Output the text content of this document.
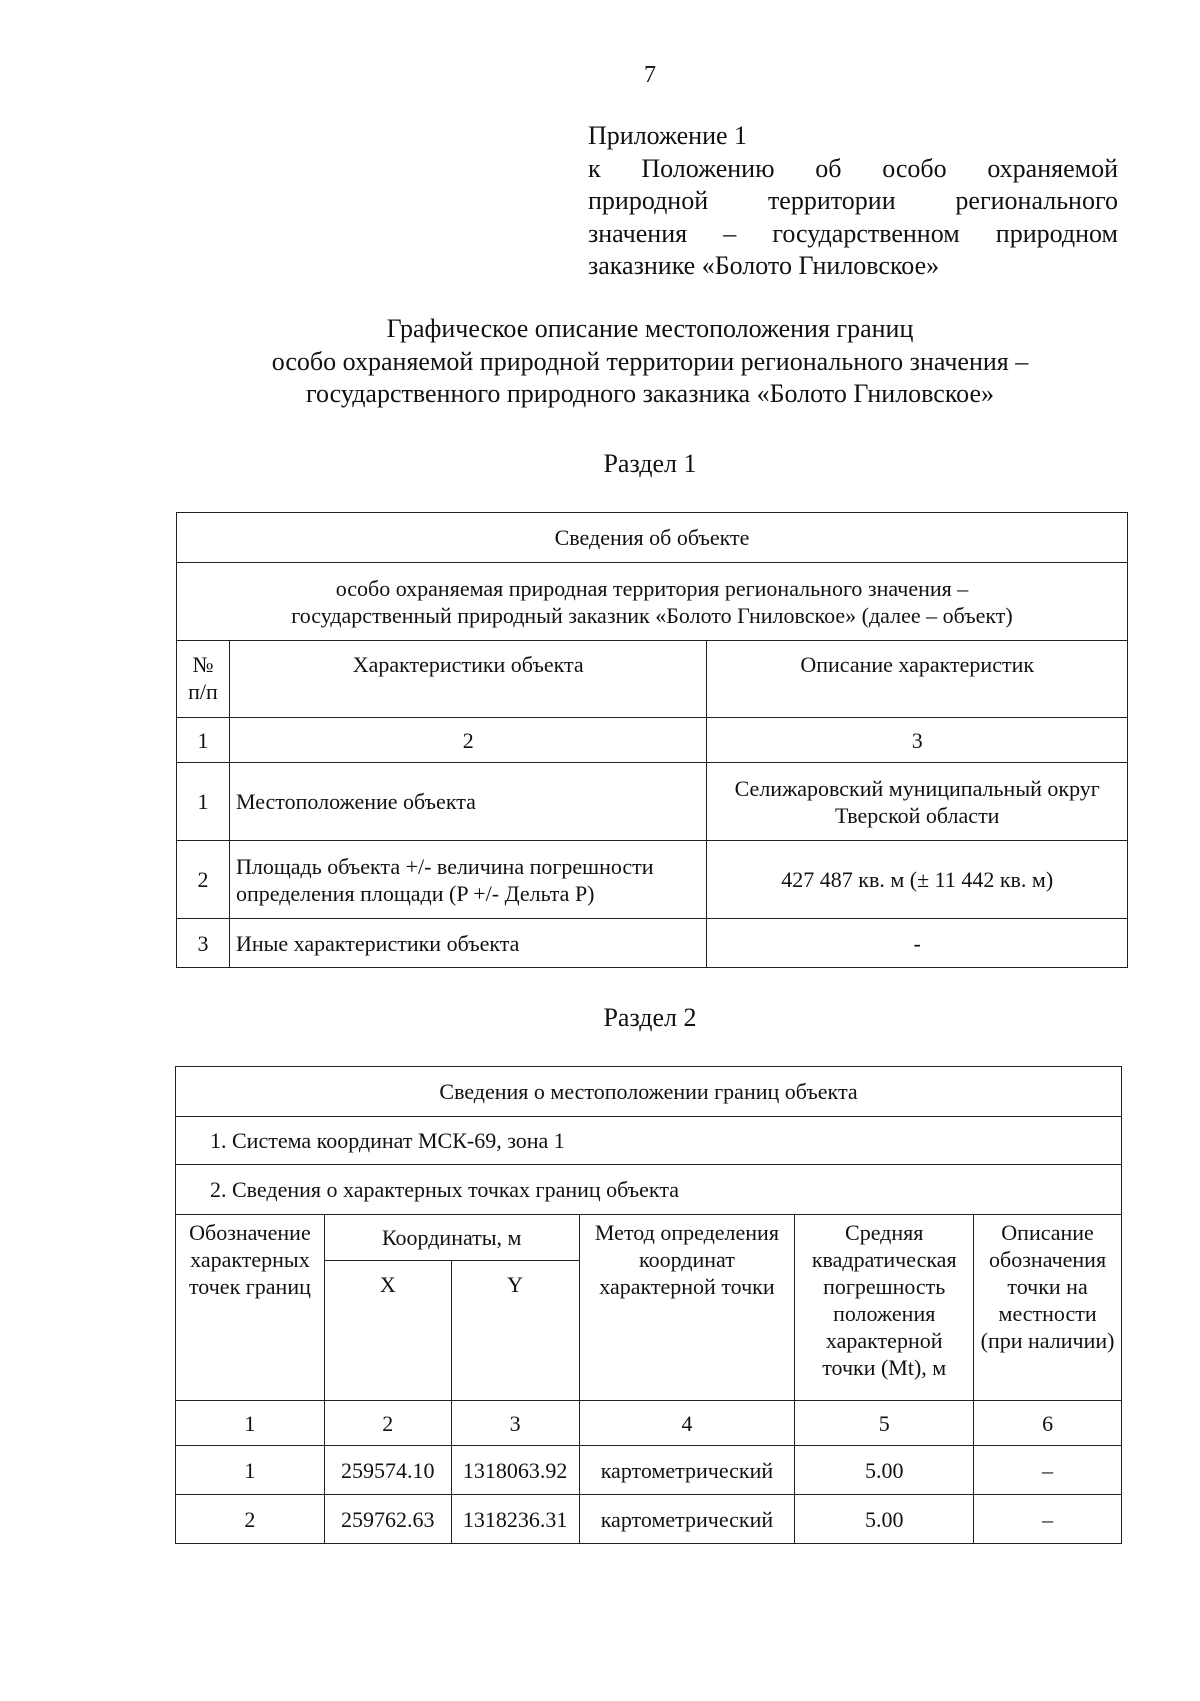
7
Приложение 1
к Положению об особо охраняемой
природной территории регионального
значения – государственном природном
заказнике «Болото Гниловское»
Графическое описание местоположения границ
особо охраняемой природной территории регионального значения –
государственного природного заказника «Болото Гниловское»
Раздел 1
Сведения об объекте		

особо охраняемая природная территория регионального значения –
государственный природный заказник «Болото Гниловское» (далее – объект)		

№ п/п	Характеристики объекта	Описание характеристик
1	2	3
1	Местоположение объекта	Селижаровский муниципальный округ Тверской области
2	Площадь объекта +/- величина погрешности определения площади (P +/- Дельта P)	427 487 кв. м (± 11 442 кв. м)
3	Иные характеристики объекта	-
Раздел 2
Сведения о местоположении границ объекта					
1. Система координат МСК-69, зона 1					
2. Сведения о характерных точках границ объекта					
Обозначение характерных точек границ	Координаты, м		Метод определения координат характерной точки	Средняя квадратическая погрешность положения характерной точки (Mt), м	Описание обозначения точки на местности (при наличии)
	X	Y			
1	2	3	4	5	6
1	259574.10	1318063.92	картометрический	5.00	–
2	259762.63	1318236.31	картометрический	5.00	–
